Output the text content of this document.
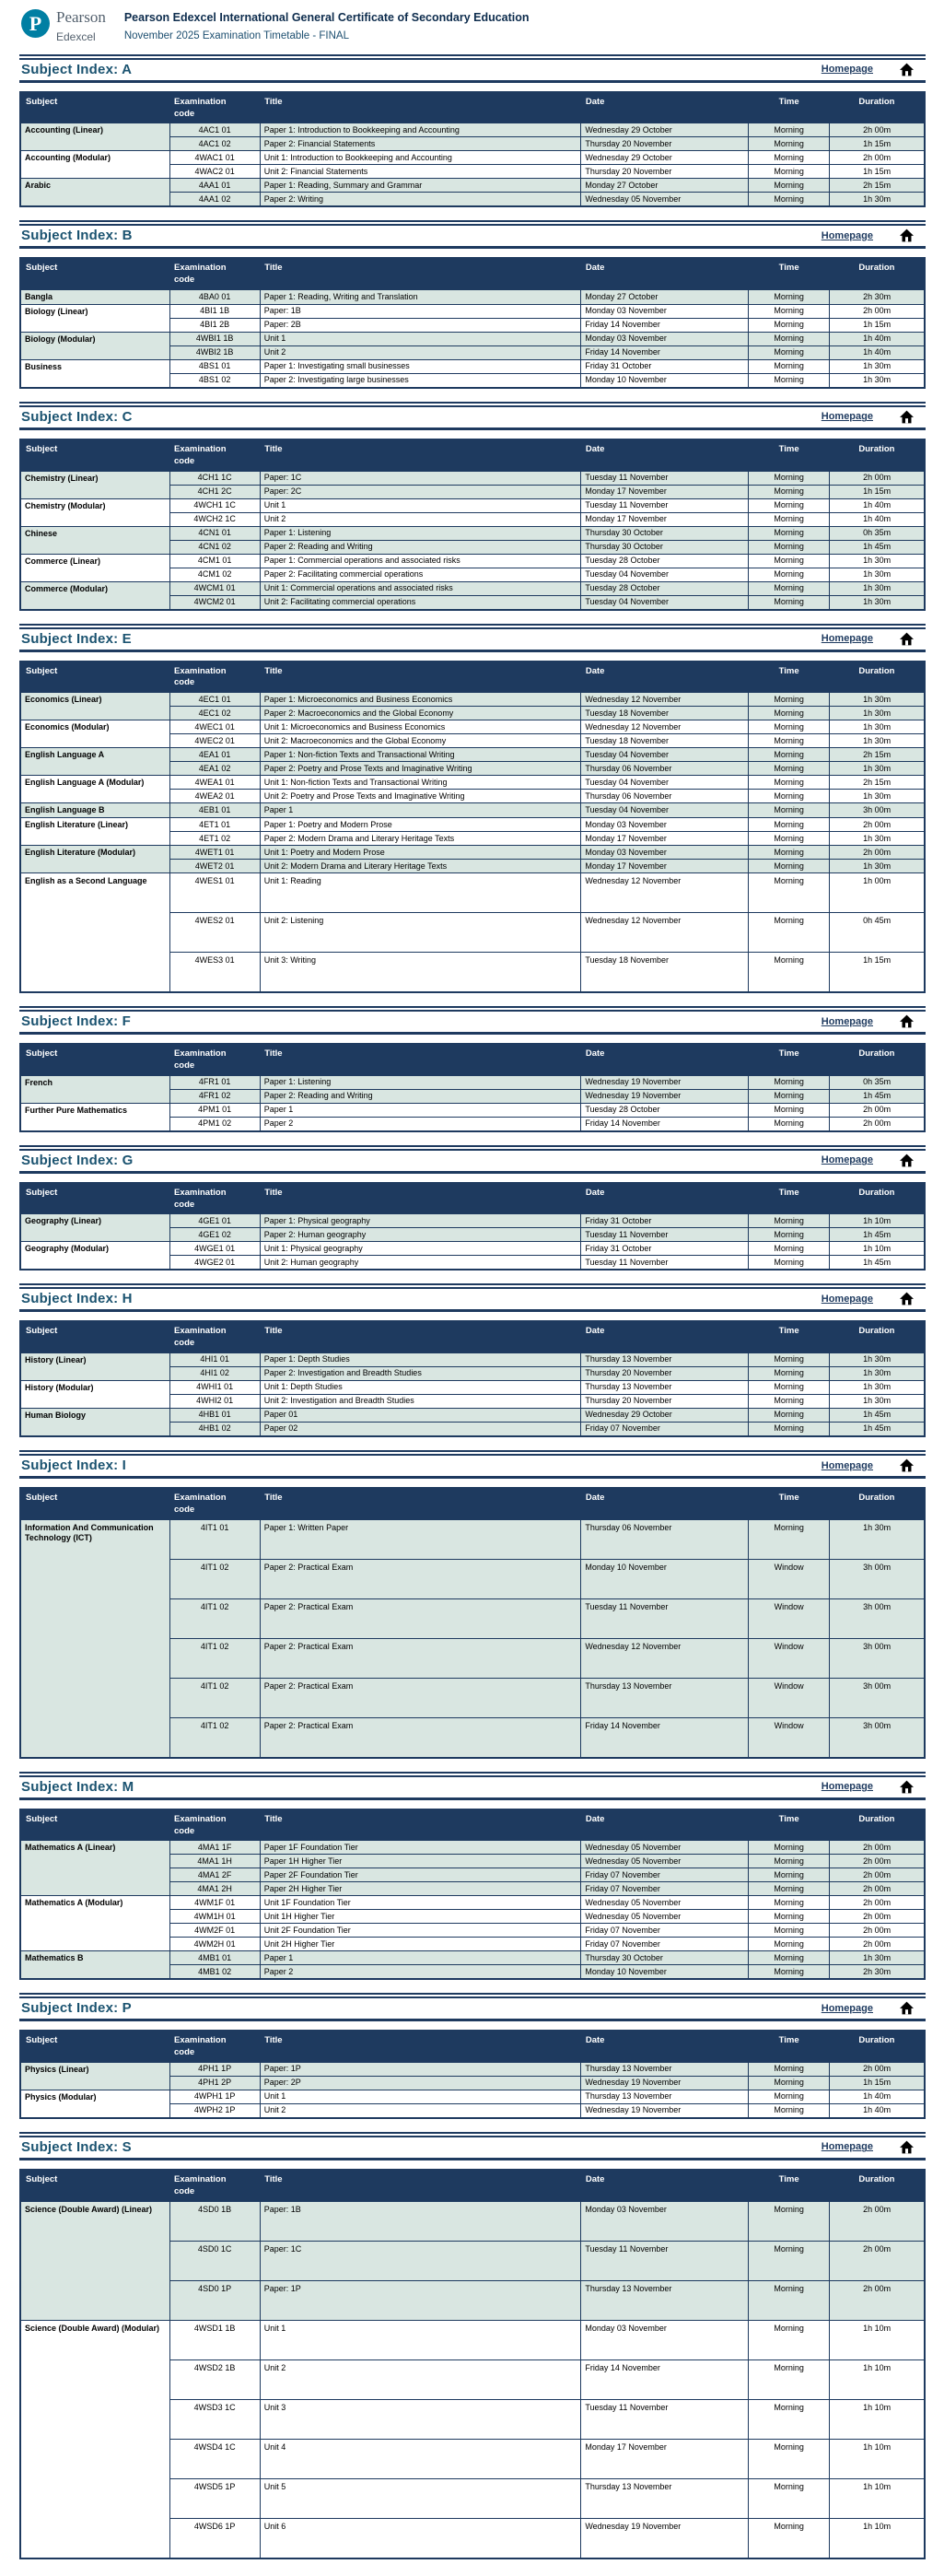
P Pearson
Edexcel
Pearson Edexcel International General Certificate of Secondary Education
November 2025 Examination Timetable - FINAL
Subject Index: A	Homepage
Subject	Examination code	Title	Date	Time	Duration
Accounting (Linear)	4AC1 01	Paper 1: Introduction to Bookkeeping and Accounting	Wednesday 29 October	Morning	2h 00m
	4AC1 02	Paper 2: Financial Statements	Thursday 20 November	Morning	1h 15m
Accounting (Modular)	4WAC1 01	Unit 1: Introduction to Bookkeeping and Accounting	Wednesday 29 October	Morning	2h 00m
	4WAC2 01	Unit 2: Financial Statements	Thursday 20 November	Morning	1h 15m
Arabic	4AA1 01	Paper 1: Reading, Summary and Grammar	Monday 27 October	Morning	2h 15m
	4AA1 02	Paper 2: Writing	Wednesday 05 November	Morning	1h 30m
Subject Index: B	Homepage
Subject	Examination code	Title	Date	Time	Duration
Bangla	4BA0 01	Paper 1: Reading, Writing and Translation	Monday 27 October	Morning	2h 30m
Biology (Linear)	4BI1 1B	Paper: 1B	Monday 03 November	Morning	2h 00m
	4BI1 2B	Paper: 2B	Friday 14 November	Morning	1h 15m
Biology (Modular)	4WBI1 1B	Unit 1	Monday 03 November	Morning	1h 40m
	4WBI2 1B	Unit 2	Friday 14 November	Morning	1h 40m
Business	4BS1 01	Paper 1: Investigating small businesses	Friday 31 October	Morning	1h 30m
	4BS1 02	Paper 2: Investigating large businesses	Monday 10 November	Morning	1h 30m
Subject Index: C	Homepage
Subject	Examination code	Title	Date	Time	Duration
Chemistry (Linear)	4CH1 1C	Paper: 1C	Tuesday 11 November	Morning	2h 00m
	4CH1 2C	Paper: 2C	Monday 17 November	Morning	1h 15m
Chemistry (Modular)	4WCH1 1C	Unit 1	Tuesday 11 November	Morning	1h 40m
	4WCH2 1C	Unit 2	Monday 17 November	Morning	1h 40m
Chinese	4CN1 01	Paper 1: Listening	Thursday 30 October	Morning	0h 35m
	4CN1 02	Paper 2: Reading and Writing	Thursday 30 October	Morning	1h 45m
Commerce (Linear)	4CM1 01	Paper 1: Commercial operations and associated risks	Tuesday 28 October	Morning	1h 30m
	4CM1 02	Paper 2: Facilitating commercial operations	Tuesday 04 November	Morning	1h 30m
Commerce (Modular)	4WCM1 01	Unit 1: Commercial operations and associated risks	Tuesday 28 October	Morning	1h 30m
	4WCM2 01	Unit 2: Facilitating commercial operations	Tuesday 04 November	Morning	1h 30m
Subject Index: E	Homepage
Subject	Examination code	Title	Date	Time	Duration
Economics (Linear)	4EC1 01	Paper 1: Microeconomics and Business Economics	Wednesday 12 November	Morning	1h 30m
	4EC1 02	Paper 2: Macroeconomics and the Global Economy	Tuesday 18 November	Morning	1h 30m
Economics (Modular)	4WEC1 01	Unit 1: Microeconomics and Business Economics	Wednesday 12 November	Morning	1h 30m
	4WEC2 01	Unit 2: Macroeconomics and the Global Economy	Tuesday 18 November	Morning	1h 30m
English Language A	4EA1 01	Paper 1: Non-fiction Texts and Transactional Writing	Tuesday 04 November	Morning	2h 15m
	4EA1 02	Paper 2: Poetry and Prose Texts and Imaginative Writing	Thursday 06 November	Morning	1h 30m
English Language A (Modular)	4WEA1 01	Unit 1: Non-fiction Texts and Transactional Writing	Tuesday 04 November	Morning	2h 15m
	4WEA2 01	Unit 2: Poetry and Prose Texts and Imaginative Writing	Thursday 06 November	Morning	1h 30m
English Language B	4EB1 01	Paper 1	Tuesday 04 November	Morning	3h 00m
English Literature (Linear)	4ET1 01	Paper 1: Poetry and Modern Prose	Monday 03 November	Morning	2h 00m
	4ET1 02	Paper 2: Modern Drama and Literary Heritage Texts	Monday 17 November	Morning	1h 30m
English Literature (Modular)	4WET1 01	Unit 1: Poetry and Modern Prose	Monday 03 November	Morning	2h 00m
	4WET2 01	Unit 2: Modern Drama and Literary Heritage Texts	Monday 17 November	Morning	1h 30m
English as a Second Language	4WES1 01	Unit 1: Reading	Wednesday 12 November	Morning	1h 00m
	4WES2 01	Unit 2: Listening	Wednesday 12 November	Morning	0h 45m
	4WES3 01	Unit 3: Writing	Tuesday 18 November	Morning	1h 15m
Subject Index: F	Homepage
Subject	Examination code	Title	Date	Time	Duration
French	4FR1 01	Paper 1: Listening	Wednesday 19 November	Morning	0h 35m
	4FR1 02	Paper 2: Reading and Writing	Wednesday 19 November	Morning	1h 45m
Further Pure Mathematics	4PM1 01	Paper 1	Tuesday 28 October	Morning	2h 00m
	4PM1 02	Paper 2	Friday 14 November	Morning	2h 00m
Subject Index: G	Homepage
Subject	Examination code	Title	Date	Time	Duration
Geography (Linear)	4GE1 01	Paper 1: Physical geography	Friday 31 October	Morning	1h 10m
	4GE1 02	Paper 2: Human geography	Tuesday 11 November	Morning	1h 45m
Geography (Modular)	4WGE1 01	Unit 1: Physical geography	Friday 31 October	Morning	1h 10m
	4WGE2 01	Unit 2: Human geography	Tuesday 11 November	Morning	1h 45m
Subject Index: H	Homepage
Subject	Examination code	Title	Date	Time	Duration
History (Linear)	4HI1 01	Paper 1: Depth Studies	Thursday 13 November	Morning	1h 30m
	4HI1 02	Paper 2: Investigation and Breadth Studies	Thursday 20 November	Morning	1h 30m
History (Modular)	4WHI1 01	Unit 1: Depth Studies	Thursday 13 November	Morning	1h 30m
	4WHI2 01	Unit 2: Investigation and Breadth Studies	Thursday 20 November	Morning	1h 30m
Human Biology	4HB1 01	Paper 01	Wednesday 29 October	Morning	1h 45m
	4HB1 02	Paper 02	Friday 07 November	Morning	1h 45m
Subject Index: I	Homepage
Subject	Examination code	Title	Date	Time	Duration
Information And Communication Technology (ICT)	4IT1 01	Paper 1: Written Paper	Thursday 06 November	Morning	1h 30m
	4IT1 02	Paper 2: Practical Exam	Monday 10 November	Window	3h 00m
	4IT1 02	Paper 2: Practical Exam	Tuesday 11 November	Window	3h 00m
	4IT1 02	Paper 2: Practical Exam	Wednesday 12 November	Window	3h 00m
	4IT1 02	Paper 2: Practical Exam	Thursday 13 November	Window	3h 00m
	4IT1 02	Paper 2: Practical Exam	Friday 14 November	Window	3h 00m
Subject Index: M	Homepage
Subject	Examination code	Title	Date	Time	Duration
Mathematics A (Linear)	4MA1 1F	Paper 1F Foundation Tier	Wednesday 05 November	Morning	2h 00m
	4MA1 1H	Paper 1H Higher Tier	Wednesday 05 November	Morning	2h 00m
	4MA1 2F	Paper 2F Foundation Tier	Friday 07 November	Morning	2h 00m
	4MA1 2H	Paper 2H Higher Tier	Friday 07 November	Morning	2h 00m
Mathematics A (Modular)	4WM1F 01	Unit 1F Foundation Tier	Wednesday 05 November	Morning	2h 00m
	4WM1H 01	Unit 1H Higher Tier	Wednesday 05 November	Morning	2h 00m
	4WM2F 01	Unit 2F Foundation Tier	Friday 07 November	Morning	2h 00m
	4WM2H 01	Unit 2H Higher Tier	Friday 07 November	Morning	2h 00m
Mathematics B	4MB1 01	Paper 1	Thursday 30 October	Morning	1h 30m
	4MB1 02	Paper 2	Monday 10 November	Morning	2h 30m
Subject Index: P	Homepage
Subject	Examination code	Title	Date	Time	Duration
Physics (Linear)	4PH1 1P	Paper: 1P	Thursday 13 November	Morning	2h 00m
	4PH1 2P	Paper: 2P	Wednesday 19 November	Morning	1h 15m
Physics (Modular)	4WPH1 1P	Unit 1	Thursday 13 November	Morning	1h 40m
	4WPH2 1P	Unit 2	Wednesday 19 November	Morning	1h 40m
Subject Index: S	Homepage
Subject	Examination code	Title	Date	Time	Duration
Science (Double Award) (Linear)	4SD0 1B	Paper: 1B	Monday 03 November	Morning	2h 00m
	4SD0 1C	Paper: 1C	Tuesday 11 November	Morning	2h 00m
	4SD0 1P	Paper: 1P	Thursday 13 November	Morning	2h 00m
Science (Double Award) (Modular)	4WSD1 1B	Unit 1	Monday 03 November	Morning	1h 10m
	4WSD2 1B	Unit 2	Friday 14 November	Morning	1h 10m
	4WSD3 1C	Unit 3	Tuesday 11 November	Morning	1h 10m
	4WSD4 1C	Unit 4	Monday 17 November	Morning	1h 10m
	4WSD5 1P	Unit 5	Thursday 13 November	Morning	1h 10m
	4WSD6 1P	Unit 6	Wednesday 19 November	Morning	1h 10m
